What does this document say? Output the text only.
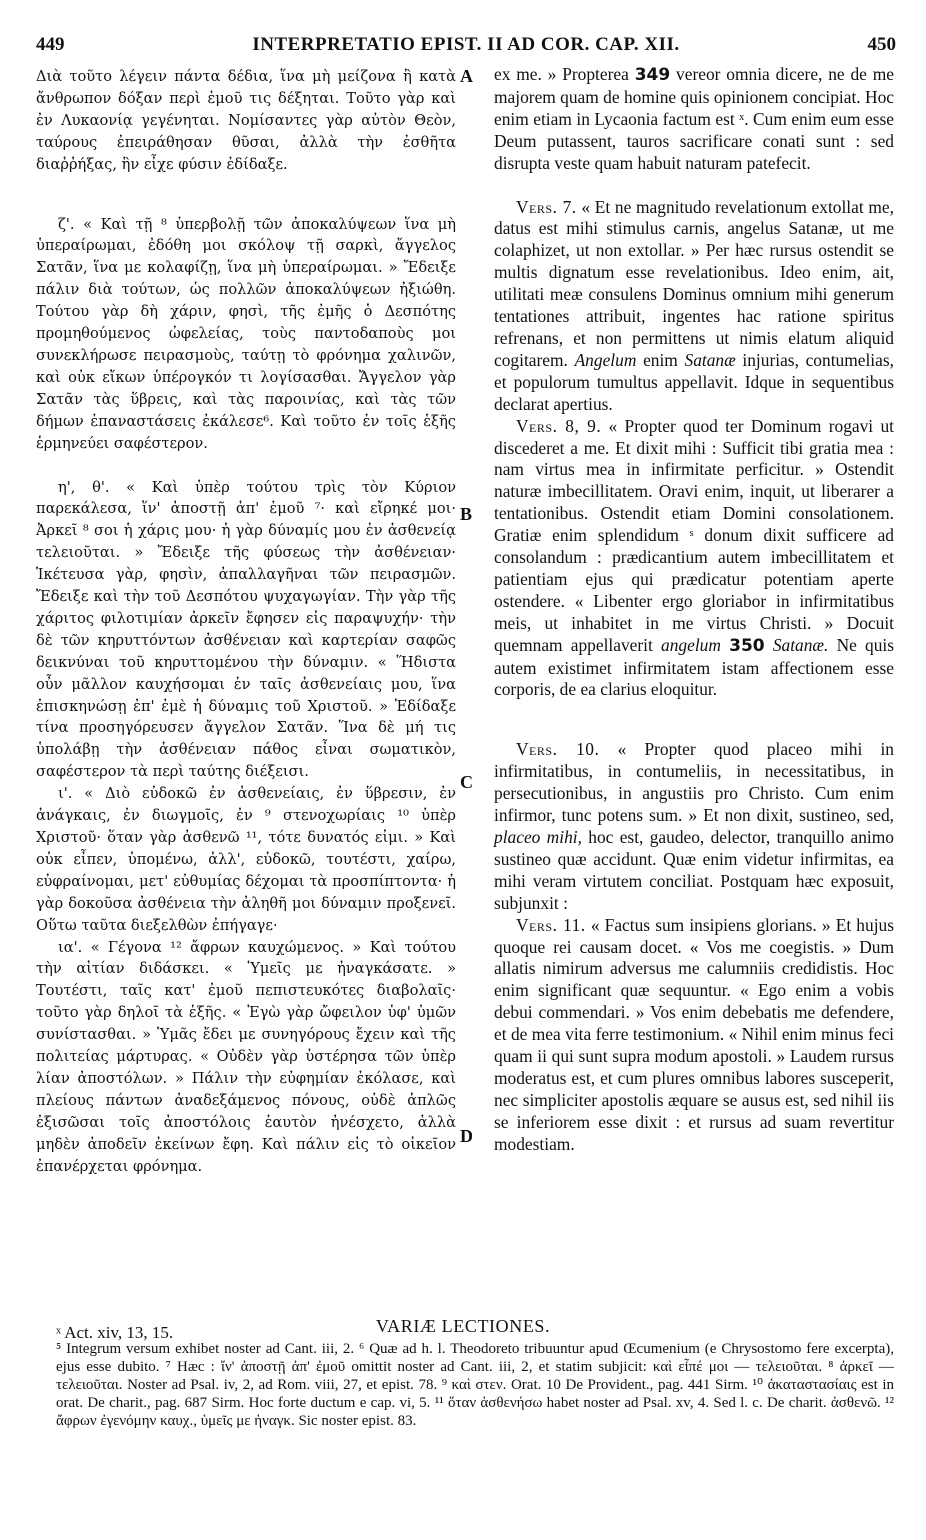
449	INTERPRETATIO EPIST. II AD COR. CAP. XII.	450
A
B
C
D

Διὰ τοῦτο λέγειν πάντα δέδια, ἵνα μὴ μείζονα ἢ κατὰ ἄνθρωπον δόξαν περὶ ἐμοῦ τις δέξηται. Τοῦτο γὰρ καὶ ἐν Λυκαονίᾳ γεγένηται. Νομίσαντες γὰρ αὐτὸν Θεὸν, ταύρους ἐπειράθησαν θῦσαι, ἀλλὰ τὴν ἐσθῆτα διαῤῥήξας, ἣν εἶχε φύσιν ἐδίδαξε.

ζ'. « Καὶ τῇ ⁸ ὑπερβολῇ τῶν ἀποκαλύψεων ἵνα μὴ ὑπεραίρωμαι, ἐδόθη μοι σκόλοψ τῇ σαρκὶ, ἄγγελος Σατᾶν, ἵνα με κολαφίζῃ, ἵνα μὴ ὑπεραίρωμαι. » Ἔδειξε πάλιν διὰ τούτων, ὡς πολλῶν ἀποκαλύψεων ἠξιώθη. Τούτου γὰρ δὴ χάριν, φησὶ, τῆς ἐμῆς ὁ Δεσπότης προμηθούμενος ὠφελείας, τοὺς παντοδαποὺς μοι συνεκλήρωσε πειρασμοὺς, ταύτῃ τὸ φρόνημα χαλινῶν, καὶ οὐκ εἴκων ὑπέρογκόν τι λογίσασθαι. Ἄγγελον γὰρ Σατᾶν τὰς ὕβρεις, καὶ τὰς παροινίας, καὶ τὰς τῶν δήμων ἐπαναστάσεις ἐκάλεσε⁶. Καὶ τοῦτο ἐν τοῖς ἑξῆς ἑρμηνεύει σαφέστερον.

η', θ'. « Καὶ ὑπὲρ τούτου τρὶς τὸν Κύριον παρεκάλεσα, ἵν' ἀποστῇ ἀπ' ἐμοῦ ⁷· καὶ εἴρηκέ μοι· Ἀρκεῖ ⁸ σοι ἡ χάρις μου· ἡ γὰρ δύναμίς μου ἐν ἀσθενείᾳ τελειοῦται. » Ἔδειξε τῆς φύσεως τὴν ἀσθένειαν· Ἱκέτευσα γὰρ, φησὶν, ἀπαλλαγῆναι τῶν πειρασμῶν. Ἔδειξε καὶ τὴν τοῦ Δεσπότου ψυχαγωγίαν. Τὴν γὰρ τῆς χάριτος φιλοτιμίαν ἀρκεῖν ἔφησεν εἰς παραψυχήν· τὴν δὲ τῶν κηρυττόντων ἀσθένειαν καὶ καρτερίαν σαφῶς δεικνύναι τοῦ κηρυττομένου τὴν δύναμιν. « Ἥδιστα οὖν μᾶλλον καυχήσομαι ἐν ταῖς ἀσθενείαις μου, ἵνα ἐπισκηνώσῃ ἐπ' ἐμὲ ἡ δύναμις τοῦ Χριστοῦ. » Ἐδίδαξε τίνα προσηγόρευσεν ἄγγελον Σατᾶν. Ἵνα δὲ μή τις ὑπολάβῃ τὴν ἀσθένειαν πάθος εἶναι σωματικὸν, σαφέστερον τὰ περὶ ταύτης διέξεισι.

ι'. « Διὸ εὐδοκῶ ἐν ἀσθενείαις, ἐν ὕβρεσιν, ἐν ἀνάγκαις, ἐν διωγμοῖς, ἐν ⁹ στενοχωρίαις ¹⁰ ὑπὲρ Χριστοῦ· ὅταν γὰρ ἀσθενῶ ¹¹, τότε δυνατός εἰμι. » Καὶ οὐκ εἶπεν, ὑπομένω, ἀλλ', εὐδοκῶ, τουτέστι, χαίρω, εὐφραίνομαι, μετ' εὐθυμίας δέχομαι τὰ προσπίπτοντα· ἡ γὰρ δοκοῦσα ἀσθένεια τὴν ἀληθῆ μοι δύναμιν προξενεῖ. Οὕτω ταῦτα διεξελθὼν ἐπήγαγε·

ια'. « Γέγονα ¹² ἄφρων καυχώμενος. » Καὶ τούτου τὴν αἰτίαν διδάσκει. « Ὑμεῖς με ἠναγκάσατε. » Τουτέστι, ταῖς κατ' ἐμοῦ πεπιστευκότες διαβολαῖς· τοῦτο γὰρ δηλοῖ τὰ ἑξῆς. « Ἐγὼ γὰρ ὤφειλον ὑφ' ὑμῶν συνίστασθαι. » Ὑμᾶς ἔδει με συνηγόρους ἔχειν καὶ τῆς πολιτείας μάρτυρας. « Οὐδὲν γὰρ ὑστέρησα τῶν ὑπὲρ λίαν ἀποστόλων. » Πάλιν τὴν εὐφημίαν ἐκόλασε, καὶ πλείους πάντων ἀναδεξάμενος πόνους, οὐδὲ ἁπλῶς ἐξισῶσαι τοῖς ἀποστόλοις ἑαυτὸν ἠνέσχετο, ἀλλὰ μηδὲν ἀποδεῖν ἐκείνων ἔφη. Καὶ πάλιν εἰς τὸ οἰκεῖον ἐπανέρχεται φρόνημα.

ex me. » Propterea 349 vereor omnia dicere, ne de me majorem quam de homine quis opinionem concipiat. Hoc enim etiam in Lycaonia factum est ˣ. Cum enim eum esse Deum putassent, tauros sacrificare conati sunt : sed disrupta veste quam habuit naturam patefecit.

Vers. 7. « Et ne magnitudo revelationum extollat me, datus est mihi stimulus carnis, angelus Satanæ, ut me colaphizet, ut non extollar. » Per hæc rursus ostendit se multis dignatum esse revelationibus. Ideo enim, ait, utilitati meæ consulens Dominus omnium mihi generum tentationes attribuit, ingentes hac ratione spiritus refrenans, et non permittens ut nimis elatum aliquid cogitarem. Angelum enim Satanæ injurias, contumelias, et populorum tumultus appellavit. Idque in sequentibus declarat apertius.

Vers. 8, 9. « Propter quod ter Dominum rogavi ut discederet a me. Et dixit mihi : Sufficit tibi gratia mea : nam virtus mea in infirmitate perficitur. » Ostendit naturæ imbecillitatem. Oravi enim, inquit, ut liberarer a tentationibus. Ostendit etiam Domini consolationem. Gratiæ enim splendidum ˢ donum dixit sufficere ad consolandum : prædicantium autem imbecillitatem et patientiam ejus qui prædicatur potentiam aperte ostendere. « Libenter ergo gloriabor in infirmitatibus meis, ut inhabitet in me virtus Christi. » Docuit quemnam appellaverit angelum 350 Satanæ. Ne quis autem existimet infirmitatem istam affectionem esse corporis, de ea clarius eloquitur.

Vers. 10. « Propter quod placeo mihi in infirmitatibus, in contumeliis, in necessitatibus, in persecutionibus, in angustiis pro Christo. Cum enim infirmor, tunc potens sum. » Et non dixit, sustineo, sed, placeo mihi, hoc est, gaudeo, delector, tranquillo animo sustineo quæ accidunt. Quæ enim videtur infirmitas, ea mihi veram virtutem conciliat. Postquam hæc exposuit, subjunxit :

Vers. 11. « Factus sum insipiens glorians. » Et hujus quoque rei causam docet. « Vos me coegistis. » Dum allatis nimirum adversus me calumniis credidistis. Hoc enim significant quæ sequuntur. « Ego enim a vobis debui commendari. » Vos enim debebatis me defendere, et de mea vita ferre testimonium. « Nihil enim minus feci quam ii qui sunt supra modum apostoli. » Laudem rursus moderatus est, et cum plures omnibus labores susceperit, nec simpliciter apostolis æquare se ausus est, sed nihil iis se inferiorem esse dixit : et rursus ad suam revertitur modestiam.

ˣ Act. xiv, 13, 15.	VARIÆ LECTIONES.

⁵ Integrum versum exhibet noster ad Cant. iii, 2. ⁶ Quæ ad h. l. Theodoreto tribuuntur apud Œcumenium (e Chrysostomo fere excerpta), ejus esse dubito. ⁷ Hæc : ἵν' ἀποστῇ ἀπ' ἐμοῦ omittit noster ad Cant. iii, 2, et statim subjicit: καὶ εἶπέ μοι — τελειοῦται. ⁸ ἀρκεῖ — τελειοῦται. Noster ad Psal. iv, 2, ad Rom. viii, 27, et epist. 78. ⁹ καὶ στεν. Orat. 10 De Provident., pag. 441 Sirm. ¹⁰ ἀκαταστασίαις est in orat. De charit., pag. 687 Sirm. Hoc forte ductum e cap. vi, 5. ¹¹ ὅταν ἀσθενήσω habet noster ad Psal. xv, 4. Sed l. c. De charit. ἀσθενῶ. ¹² ἄφρων ἐγενόμην καυχ., ὑμεῖς με ἠναγκ. Sic noster epist. 83.
